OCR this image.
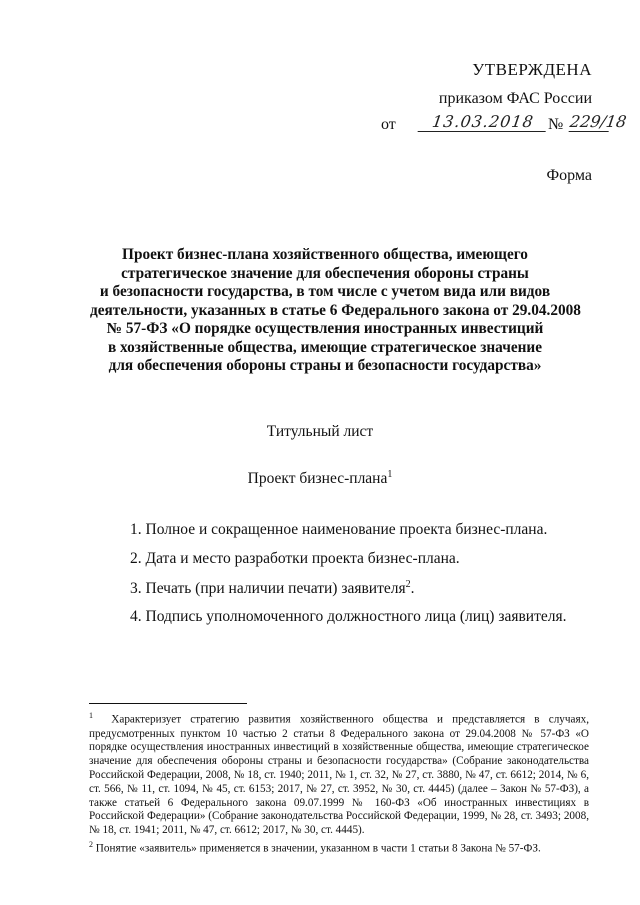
УТВЕРЖДЕНА
приказом ФАС России
от	13.03.2018 № 229/18
Форма
Проект бизнес-плана хозяйственного общества, имеющего
стратегическое значение для обеспечения обороны страны
и безопасности государства, в том числе с учетом вида или видов
деятельности, указанных в статье 6 Федерального закона от 29.04.2008
№ 57-ФЗ «О порядке осуществления иностранных инвестиций
в хозяйственные общества, имеющие стратегическое значение
для обеспечения обороны страны и безопасности государства»
Титульный лист
Проект бизнес-плана$^1$
1. Полное и сокращенное наименование проекта бизнес-плана.
2. Дата и место разработки проекта бизнес-плана.
3. Печать (при наличии печати) заявителя$^2$.
4. Подпись уполномоченного должностного лица (лиц) заявителя.

$^1$ Характеризует стратегию развития хозяйственного общества и представляется в случаях, предусмотренных пунктом 10 частью 2 статьи 8 Федерального закона от 29.04.2008 № 57-ФЗ «О порядке осуществления иностранных инвестиций в хозяйственные общества, имеющие стратегическое значение для обеспечения обороны страны и безопасности государства» (Собрание законодательства Российской Федерации, 2008, № 18, ст. 1940; 2011, № 1, ст. 32, № 27, ст. 3880, № 47, ст. 6612; 2014, № 6, ст. 566, № 11, ст. 1094, № 45, ст. 6153; 2017, № 27, ст. 3952, № 30, ст. 4445) (далее – Закон № 57-ФЗ), а также статьей 6 Федерального закона 09.07.1999 № 160-ФЗ «Об иностранных инвестициях в Российской Федерации» (Собрание законодательства Российской Федерации, 1999, № 28, ст. 3493; 2008, № 18, ст. 1941; 2011, № 47, ст. 6612; 2017, № 30, ст. 4445).

$^2$ Понятие «заявитель» применяется в значении, указанном в части 1 статьи 8 Закона № 57-ФЗ.
